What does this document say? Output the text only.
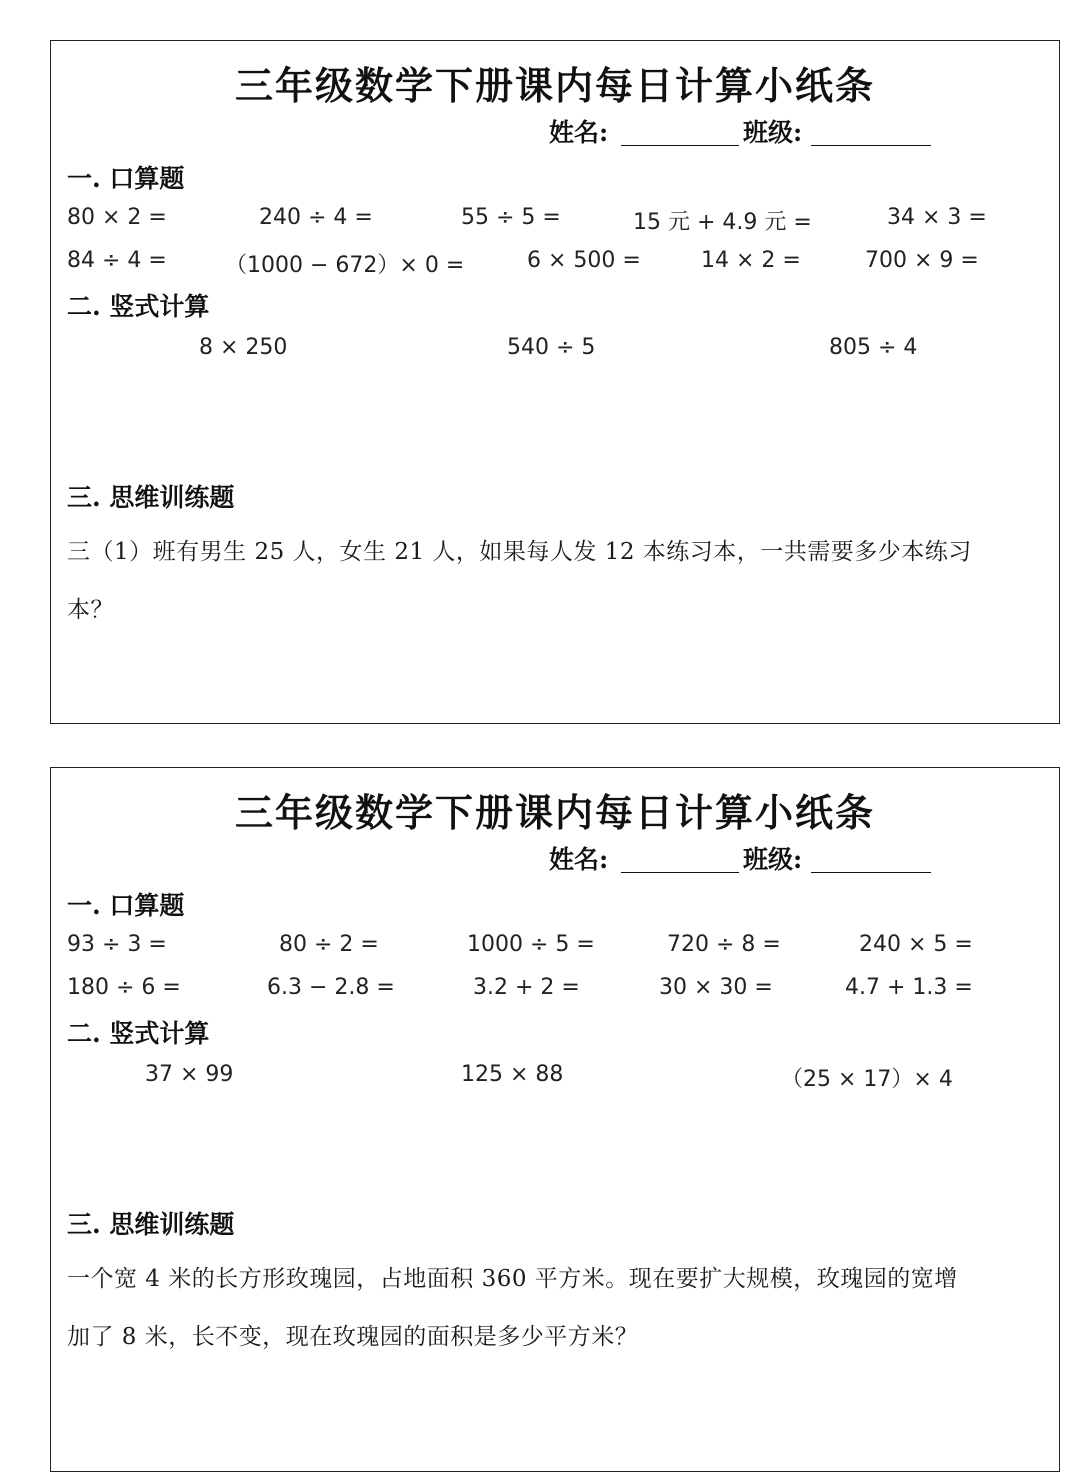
三年级数学下册课内每日计算小纸条
姓名:	班级:
一. 口算题
80 × 2 =	240 ÷ 4 =	55 ÷ 5 =	15 元 + 4.9 元 =	34 × 3 =
84 ÷ 4 =	（1000 − 672）× 0 =	6 × 500 =	14 × 2 =	700 × 9 =
二. 竖式计算
8 × 250	540 ÷ 5	805 ÷ 4
三. 思维训练题
三（1）班有男生 25 人，女生 21 人，如果每人发 12 本练习本，一共需要多少本练习
本？
三年级数学下册课内每日计算小纸条
姓名:	班级:
一. 口算题
93 ÷ 3 =	80 ÷ 2 =	1000 ÷ 5 =	720 ÷ 8 =	240 × 5 =
180 ÷ 6 =	6.3 − 2.8 =	3.2 + 2 =	30 × 30 =	4.7 + 1.3 =
二. 竖式计算
37 × 99	125 × 88	（25 × 17）× 4
三. 思维训练题
一个宽 4 米的长方形玫瑰园，占地面积 360 平方米。现在要扩大规模，玫瑰园的宽增
加了 8 米，长不变，现在玫瑰园的面积是多少平方米？
